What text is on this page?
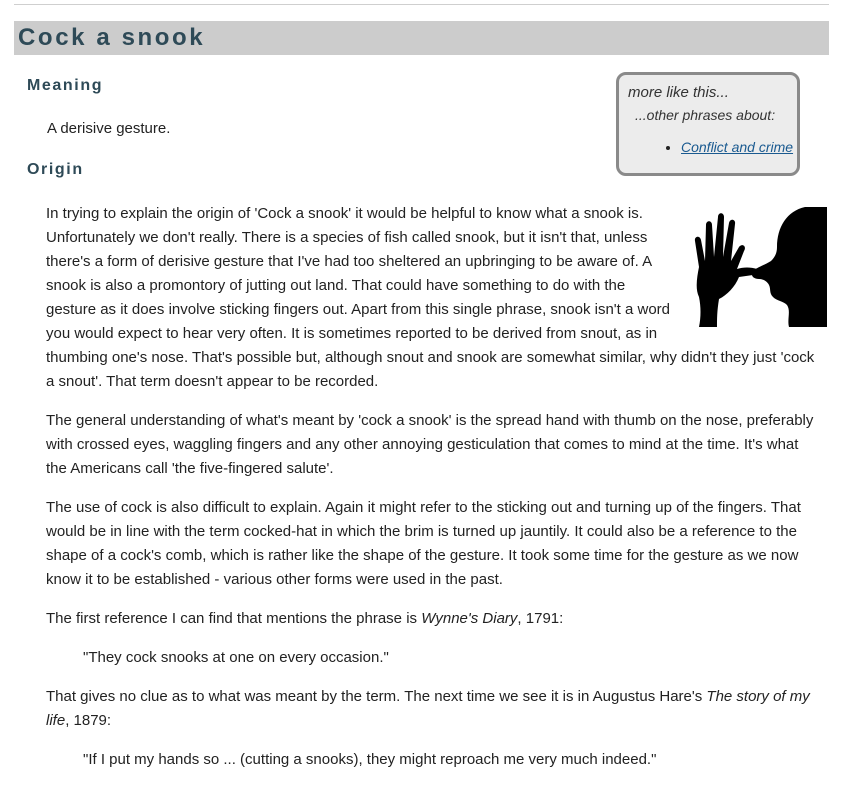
Cock a snook
Meaning

A derisive gesture.

Origin
more like this...
...other phrases about:
• Conflict and crime

In trying to explain the origin of 'Cock a snook' it would be helpful to know what a snook is. Unfortunately we don't really. There is a species of fish called snook, but it isn't that, unless there's a form of derisive gesture that I've had too sheltered an upbringing to be aware of. A snook is also a promontory of jutting out land. That could have something to do with the gesture as it does involve sticking fingers out. Apart from this single phrase, snook isn't a word you would expect to hear very often. It is sometimes reported to be derived from snout, as in thumbing one's nose. That's possible but, although snout and snook are somewhat similar, why didn't they just 'cock a snout'. That term doesn't appear to be recorded.

The general understanding of what's meant by 'cock a snook' is the spread hand with thumb on the nose, preferably with crossed eyes, waggling fingers and any other annoying gesticulation that comes to mind at the time. It's what the Americans call 'the five-fingered salute'.

The use of cock is also difficult to explain. Again it might refer to the sticking out and turning up of the fingers. That would be in line with the term cocked-hat in which the brim is turned up jauntily. It could also be a reference to the shape of a cock's comb, which is rather like the shape of the gesture. It took some time for the gesture as we now know it to be established - various other forms were used in the past.

The first reference I can find that mentions the phrase is Wynne's Diary, 1791:

"They cock snooks at one on every occasion."

That gives no clue as to what was meant by the term. The next time we see it is in Augustus Hare's The story of my life, 1879:

"If I put my hands so ... (cutting a snooks), they might reproach me very much indeed."
